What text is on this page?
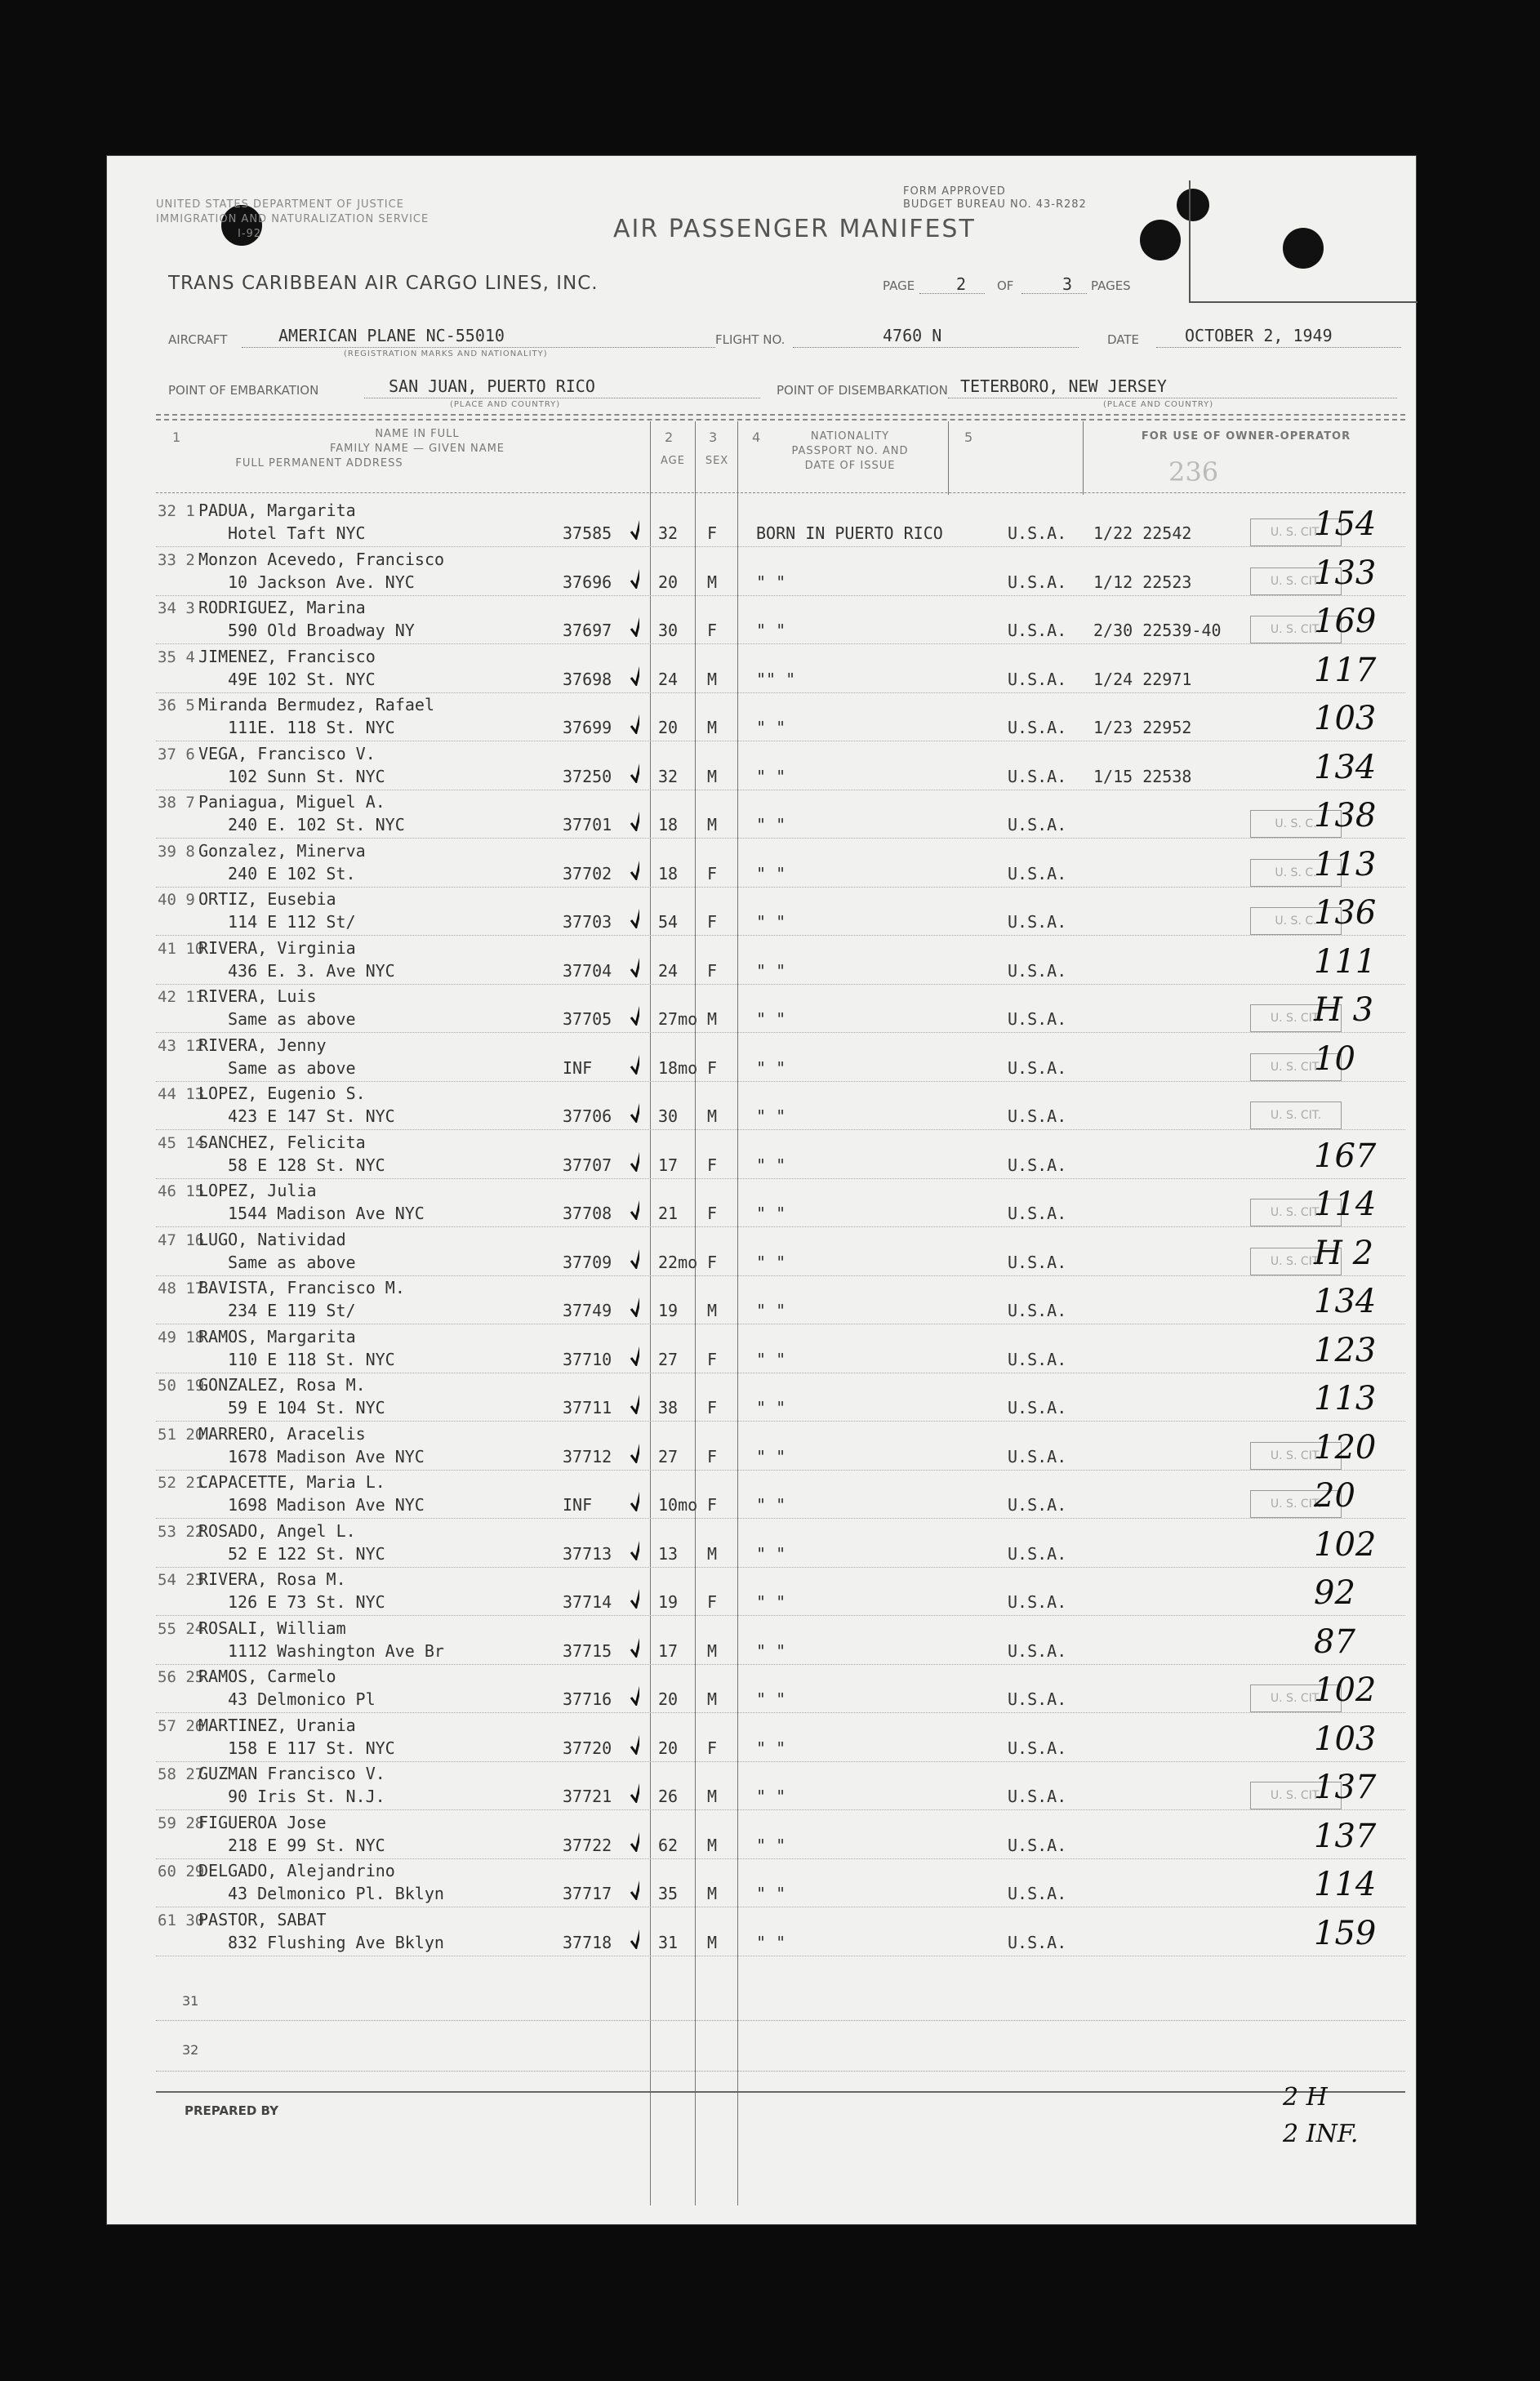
UNITED STATES DEPARTMENT OF JUSTICE
IMMIGRATION AND NATURALIZATION SERVICE
I-92
FORM APPROVED
BUDGET BUREAU NO. 43-R282
AIR PASSENGER MANIFEST
TRANS CARIBBEAN AIR CARGO LINES, INC.	PAGE	2	OF	3 PAGES
AIRCRAFT	AMERICAN PLANE NC-55010
(REGISTRATION MARKS AND NATIONALITY)
FLIGHT NO.	4760 N	DATE	OCTOBER 2, 1949
POINT OF EMBARKATION	SAN JUAN, PUERTO RICO
(PLACE AND COUNTRY)
POINT OF DISEMBARKATION TETERBORO, NEW JERSEY
(PLACE AND COUNTRY)
1	NAME IN FULL
FAMILY NAME — GIVEN NAME
FULL PERMANENT ADDRESS
2
AGE
3
SEX
4	NATIONALITY
PASSPORT NO. AND
DATE OF ISSUE
5	FOR USE OF OWNER-OPERATOR
236
32 1 PADUA, Margarita
Hotel Taft NYC	37585	32 F BORN IN PUERTO RICO	U.S.A. 1/22 22542	U. S. CIT.
154
33 2 Monzon Acevedo, Francisco
10 Jackson Ave. NYC	37696	20 M " "	U.S.A. 1/12 22523	U. S. CIT.
133
34 3 RODRIGUEZ, Marina
590 Old Broadway NY	37697	30 F " "	U.S.A. 2/30 22539-40	U. S. CIT.
169
35 4 JIMENEZ, Francisco
49E 102 St. NYC	37698	24 M "" "	U.S.A. 1/24 22971	117
36 5 Miranda Bermudez, Rafael
111E. 118 St. NYC	37699	20 M " "	U.S.A. 1/23 22952	103
37 6 VEGA, Francisco V.
102 Sunn St. NYC	37250	32 M " "	U.S.A. 1/15 22538	134
38 7 Paniagua, Miguel A.
240 E. 102 St. NYC	37701	18 M " "	U.S.A.	U. S. C.
138
39 8 Gonzalez, Minerva
240 E 102 St.	37702	18 F " "	U.S.A.	U. S. C.
113
40 9 ORTIZ, Eusebia
114 E 112 St/	37703	54 F " "	U.S.A.	U. S. C.
136
41 10
RIVERA, Virginia
436 E. 3. Ave NYC	37704	24 F " "	U.S.A.	111
42 11
RIVERA, Luis
Same as above	37705	27mo M " "	U.S.A.	U. S. CIT.
H 3
43 12
RIVERA, Jenny
Same as above	INF	18mo F " "	U.S.A.	U. S. CIT.
10
44 13
LOPEZ, Eugenio S.
423 E 147 St. NYC	37706	30 M " "	U.S.A.	U. S. CIT.
45 14
SANCHEZ, Felicita
58 E 128 St. NYC	37707	17 F " "	U.S.A.	167
46 15
LOPEZ, Julia
1544 Madison Ave NYC	37708	21 F " "	U.S.A.	U. S. CIT.
114
47 16
LUGO, Natividad
Same as above	37709	22mo F " "	U.S.A.	U. S. CIT.
H 2
48 17
BAVISTA, Francisco M.
234 E 119 St/	37749	19 M " "	U.S.A.	134
49 18
RAMOS, Margarita
110 E 118 St. NYC	37710	27 F " "	U.S.A.	123
50 19
GONZALEZ, Rosa M.
59 E 104 St. NYC	37711	38 F " "	U.S.A.	113
51 20
MARRERO, Aracelis
1678 Madison Ave NYC	37712	27 F " "	U.S.A.	U. S. CIT.
120
52 21
CAPACETTE, Maria L.
1698 Madison Ave NYC	INF	10mo F " "	U.S.A.	U. S. CIT.
20
53 22
ROSADO, Angel L.
52 E 122 St. NYC	37713	13 M " "	U.S.A.	102
54 23
RIVERA, Rosa M.
126 E 73 St. NYC	37714	19 F " "	U.S.A.	92
55 24
ROSALI, William
1112 Washington Ave Br	37715	17 M " "	U.S.A.	87
56 25
RAMOS, Carmelo
43 Delmonico Pl	37716	20 M " "	U.S.A.	U. S. CIT.
102
57 26
MARTINEZ, Urania
158 E 117 St. NYC	37720	20 F " "	U.S.A.	103
58 27
GUZMAN Francisco V.
90 Iris St. N.J.	37721	26 M " "	U.S.A.	U. S. CIT.
137
59 28
FIGUEROA Jose
218 E 99 St. NYC	37722	62 M " "	U.S.A.	137
60 29
DELGADO, Alejandrino
43 Delmonico Pl. Bklyn	37717	35 M " "	U.S.A.	114
61 30
PASTOR, SABAT
832 Flushing Ave Bklyn	37718	31 M " "	U.S.A.	159
31
32
PREPARED BY	2 H
2 INF.
